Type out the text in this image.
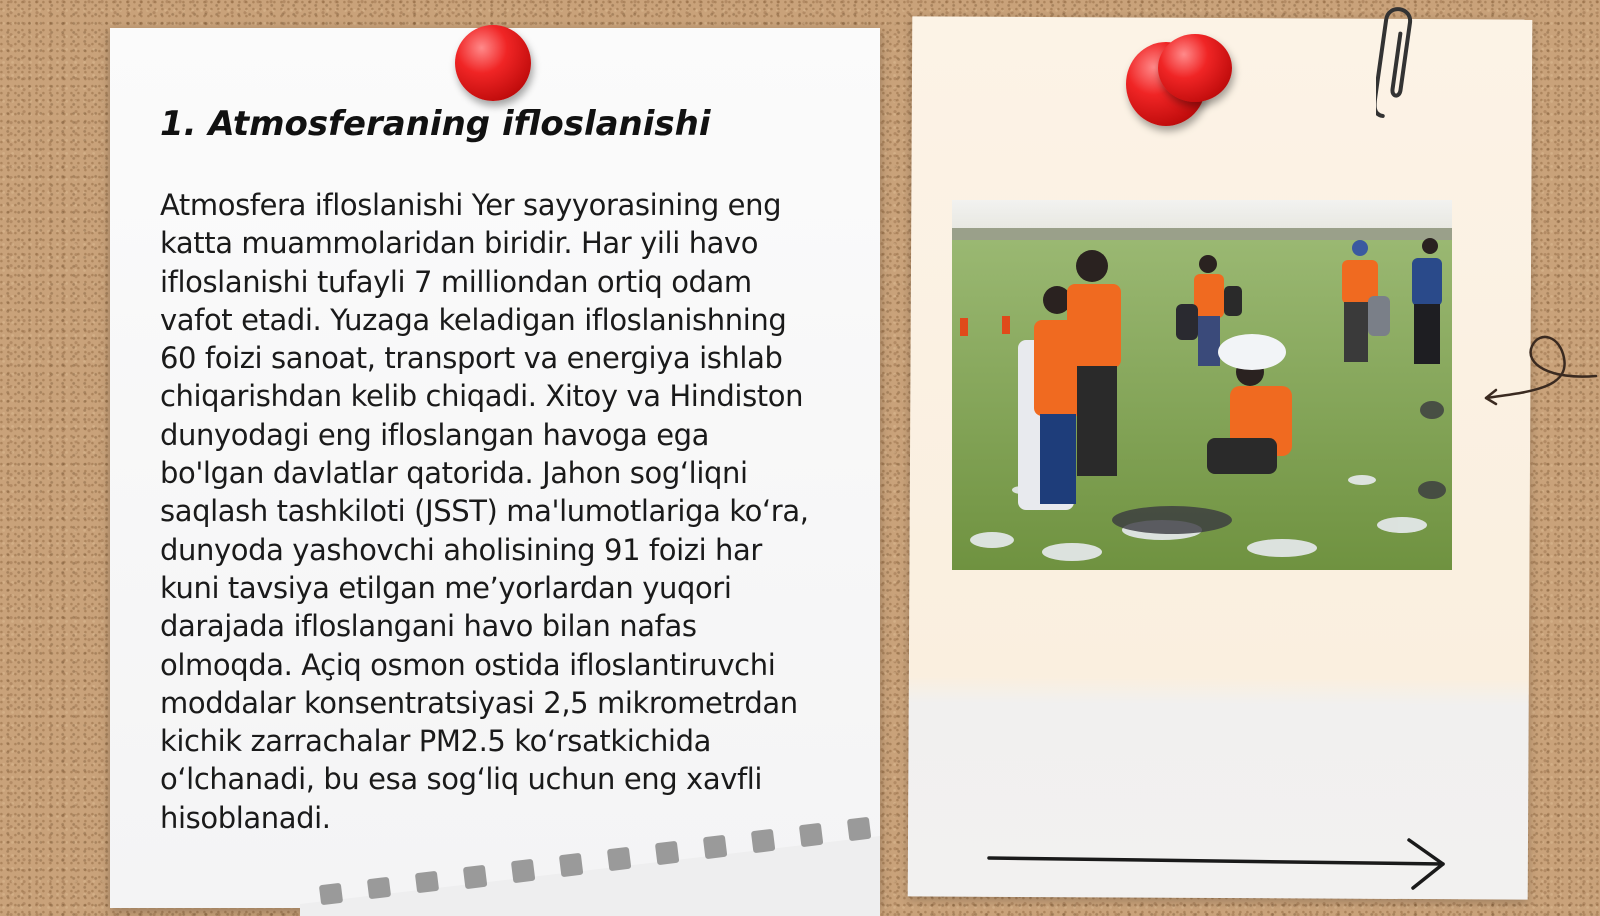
1. Atmosferaning ifloslanishi
Atmosfera ifloslanishi Yer sayyorasining eng
katta muammolaridan biridir. Har yili havo
ifloslanishi tufayli 7 milliondan ortiq odam
vafot etadi. Yuzaga keladigan ifloslanishning
60 foizi sanoat, transport va energiya ishlab
chiqarishdan kelib chiqadi. Xitoy va Hindiston
dunyodagi eng ifloslangan havoga ega
bo'lgan davlatlar qatorida. Jahon sogʻliqni
saqlash tashkiloti (JSST) ma'lumotlariga koʻra,
dunyoda yashovchi aholisining 91 foizi har
kuni tavsiya etilgan meʼyorlardan yuqori
darajada ifloslangani havo bilan nafas
olmoqda. Açiq osmon ostida ifloslantiruvchi
moddalar konsentratsiyasi 2,5 mikrometrdan
kichik zarrachalar PM2.5 koʻrsatkichida
oʻlchanadi, bu esa sogʻliq uchun eng xavfli
hisoblanadi.
